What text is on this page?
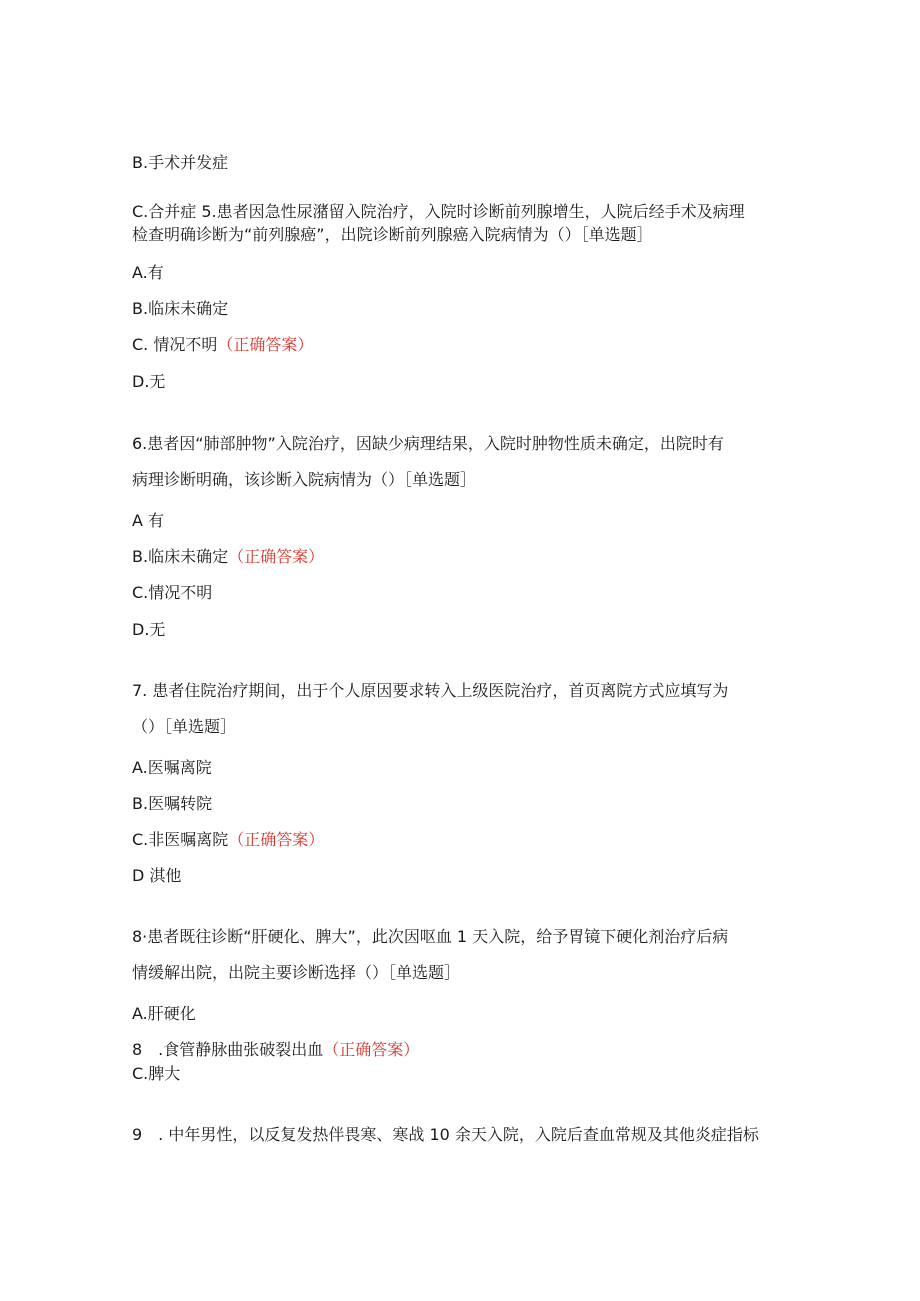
B.手术并发症
C.合并症 5.患者因急性尿潴留入院治疗，入院时诊断前列腺增生，人院后经手术及病理
检查明确诊断为“前列腺癌”，出院诊断前列腺癌入院病情为（）［单选题］
A.有
B.临床未确定
C. 情况不明（正确答案）
D.无
6.患者因“肺部肿物”入院治疗，因缺少病理结果，入院时肿物性质未确定，出院时有
病理诊断明确，该诊断入院病情为（）［单选题］
A 有
B.临床未确定（正确答案）
C.情况不明
D.无
7. 患者住院治疗期间，出于个人原因要求转入上级医院治疗，首页离院方式应填写为
（）［单选题］
A.医嘱离院
B.医嘱转院
C.非医嘱离院（正确答案）
D 淇他
8·患者既往诊断“肝硬化、脾大”，此次因呕血 1 天入院，给予胃镜下硬化剂治疗后病
情缓解出院，出院主要诊断选择（）［单选题］
A.肝硬化
8　.食管静脉曲张破裂出血（正确答案）
C.脾大
9　. 中年男性，以反复发热伴畏寒、寒战 10 余天入院，入院后查血常规及其他炎症指标
